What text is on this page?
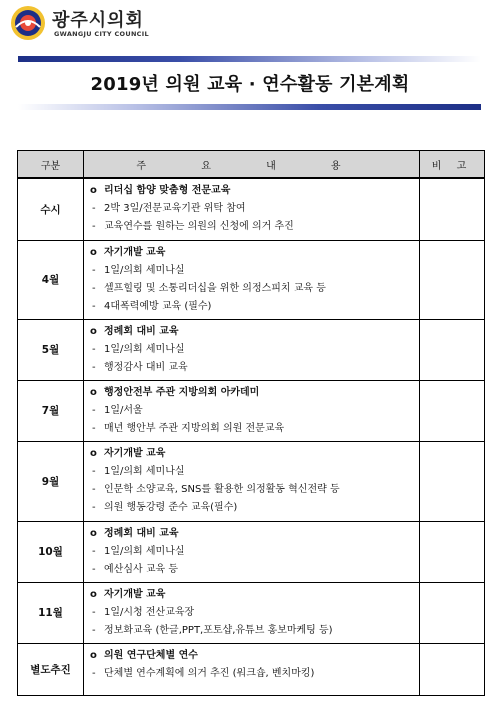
광주시의회
GWANGJU CITY COUNCIL
2019년 의원 교육 · 연수활동 기본계획
구분	주 요 내 용	비 고
수시	o 리더십 함양 맞춤형 전문교육
- 2박 3일/전문교육기관 위탁 참여
- 교육연수를 원하는 의원의 신청에 의거 추진	

4월	o 자기개발 교육
- 1일/의회 세미나실
- 셀프힐링 및 소통리더십을 위한 의정스피치 교육 등
- 4대폭력예방 교육 (필수)	

5월	o 정례회 대비 교육
- 1일/의회 세미나실
- 행정감사 대비 교육	

7월	o 행정안전부 주관 지방의회 아카데미
- 1일/서울
- 매년 행안부 주관 지방의회 의원 전문교육	

9월	o 자기개발 교육
- 1일/의회 세미나실
- 인문학 소양교육, SNS를 활용한 의정활동 혁신전략 등
- 의원 행동강령 준수 교육(필수)	

10월	o 정례회 대비 교육
- 1일/의회 세미나실
- 예산심사 교육 등	

11월	o 자기개발 교육
- 1일/시청 전산교육장
- 정보화교육 (한글,PPT,포토샵,유튜브 홍보마케팅 등)	

별도추진	o 의원 연구단체별 연수
- 단체별 연수계획에 의거 추진 (워크숍, 벤치마킹)	
